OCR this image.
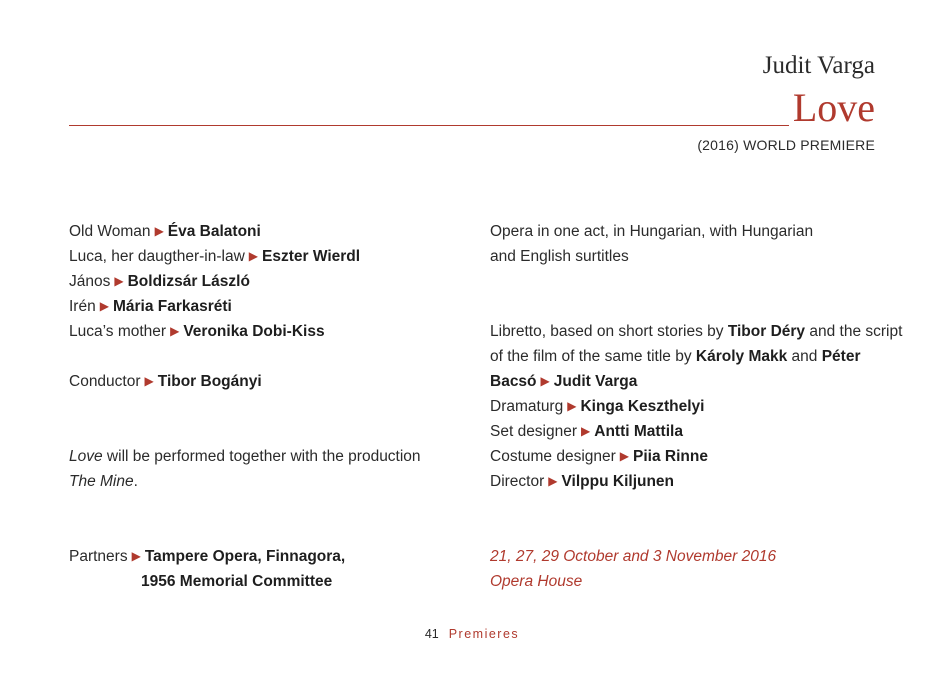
Judit Varga
Love
(2016) WORLD PREMIERE
Old Woman ▶ Éva Balatoni
Luca, her daugther-in-law ▶ Eszter Wierdl
János ▶ Boldizsár László
Irén ▶ Mária Farkasréti
Luca’s mother ▶ Veronika Dobi-Kiss
Conductor ▶ Tibor Bogányi
Love will be performed together with the production
The Mine.
Partners ▶ Tampere Opera, Finnagora,
1956 Memorial Committee
Opera in one act, in Hungarian, with Hungarian
and English surtitles
Libretto, based on short stories by Tibor Déry and the script
of the film of the same title by Károly Makk and Péter
Bacsó ▶ Judit Varga
Dramaturg ▶ Kinga Keszthelyi
Set designer ▶ Antti Mattila
Costume designer ▶ Piia Rinne
Director ▶ Vilppu Kiljunen
21, 27, 29 October and 3 November 2016
Opera House
41 Premieres
